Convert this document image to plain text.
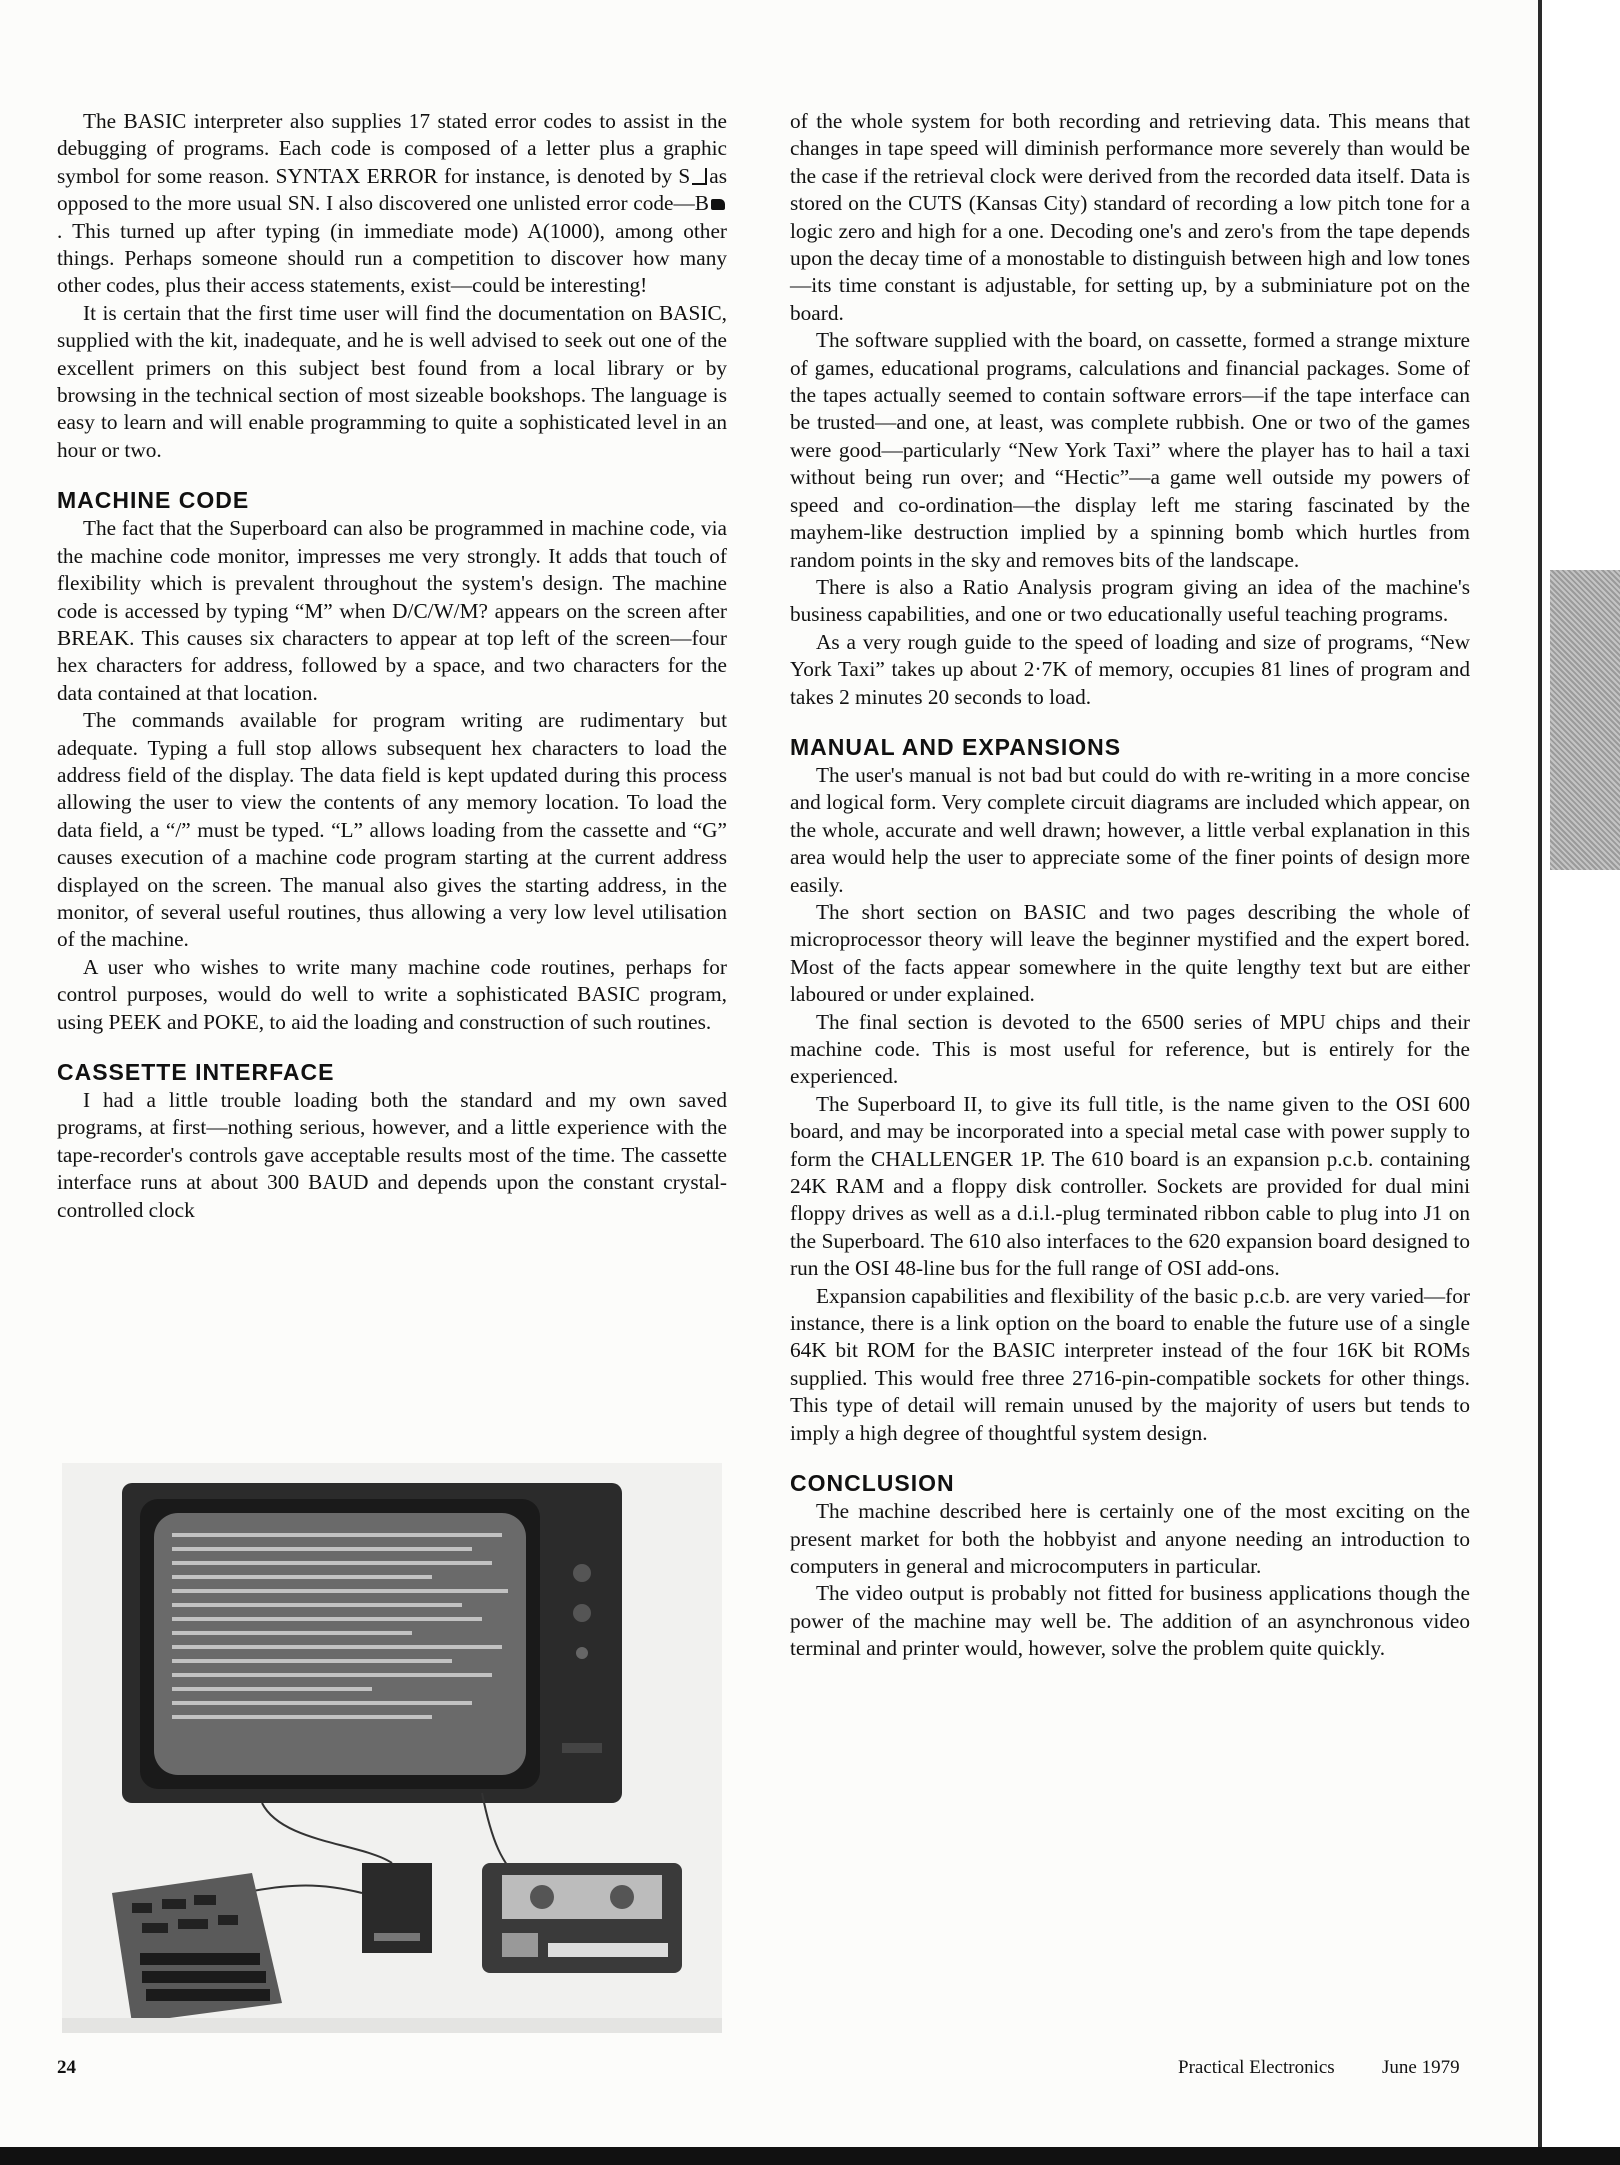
The BASIC interpreter also supplies 17 stated error codes to assist in the debugging of programs. Each code is composed of a letter plus a graphic symbol for some reason. SYNTAX ERROR for instance, is denoted by S as opposed to the more usual SN. I also discovered one unlisted error code—B. This turned up after typing (in immediate mode) A(1000), among other things. Perhaps someone should run a competition to discover how many other codes, plus their access statements, exist—could be interesting!

It is certain that the first time user will find the documentation on BASIC, supplied with the kit, inadequate, and he is well advised to seek out one of the excellent primers on this subject best found from a local library or by browsing in the technical section of most sizeable bookshops. The language is easy to learn and will enable programming to quite a sophisticated level in an hour or two.

MACHINE CODE

The fact that the Superboard can also be programmed in machine code, via the machine code monitor, impresses me very strongly. It adds that touch of flexibility which is prevalent throughout the system's design. The machine code is accessed by typing “M” when D/C/W/M? appears on the screen after BREAK. This causes six characters to appear at top left of the screen—four hex characters for address, followed by a space, and two characters for the data contained at that location.

The commands available for program writing are rudimentary but adequate. Typing a full stop allows subsequent hex characters to load the address field of the display. The data field is kept updated during this process allowing the user to view the contents of any memory location. To load the data field, a “/” must be typed. “L” allows loading from the cassette and “G” causes execution of a machine code program starting at the current address displayed on the screen. The manual also gives the starting address, in the monitor, of several useful routines, thus allowing a very low level utilisation of the machine.

A user who wishes to write many machine code routines, perhaps for control purposes, would do well to write a sophisticated BASIC program, using PEEK and POKE, to aid the loading and construction of such routines.

CASSETTE INTERFACE

I had a little trouble loading both the standard and my own saved programs, at first—nothing serious, however, and a little experience with the tape-recorder's controls gave acceptable results most of the time. The cassette interface runs at about 300 BAUD and depends upon the constant crystal-controlled clock

of the whole system for both recording and retrieving data. This means that changes in tape speed will diminish performance more severely than would be the case if the retrieval clock were derived from the recorded data itself. Data is stored on the CUTS (Kansas City) standard of recording a low pitch tone for a logic zero and high for a one. Decoding one's and zero's from the tape depends upon the decay time of a monostable to distinguish between high and low tones—its time constant is adjustable, for setting up, by a subminiature pot on the board.

The software supplied with the board, on cassette, formed a strange mixture of games, educational programs, calculations and financial packages. Some of the tapes actually seemed to contain software errors—if the tape interface can be trusted—and one, at least, was complete rubbish. One or two of the games were good—particularly “New York Taxi” where the player has to hail a taxi without being run over; and “Hectic”—a game well outside my powers of speed and co-ordination—the display left me staring fascinated by the mayhem-like destruction implied by a spinning bomb which hurtles from random points in the sky and removes bits of the landscape.

There is also a Ratio Analysis program giving an idea of the machine's business capabilities, and one or two educationally useful teaching programs.

As a very rough guide to the speed of loading and size of programs, “New York Taxi” takes up about 2·7K of memory, occupies 81 lines of program and takes 2 minutes 20 seconds to load.

MANUAL AND EXPANSIONS

The user's manual is not bad but could do with re-writing in a more concise and logical form. Very complete circuit diagrams are included which appear, on the whole, accurate and well drawn; however, a little verbal explanation in this area would help the user to appreciate some of the finer points of design more easily.

The short section on BASIC and two pages describing the whole of microprocessor theory will leave the beginner mystified and the expert bored. Most of the facts appear somewhere in the quite lengthy text but are either laboured or under explained.

The final section is devoted to the 6500 series of MPU chips and their machine code. This is most useful for reference, but is entirely for the experienced.

The Superboard II, to give its full title, is the name given to the OSI 600 board, and may be incorporated into a special metal case with power supply to form the CHALLENGER 1P. The 610 board is an expansion p.c.b. containing 24K RAM and a floppy disk controller. Sockets are provided for dual mini floppy drives as well as a d.i.l.-plug terminated ribbon cable to plug into J1 on the Superboard. The 610 also interfaces to the 620 expansion board designed to run the OSI 48-line bus for the full range of OSI add-ons.

Expansion capabilities and flexibility of the basic p.c.b. are very varied—for instance, there is a link option on the board to enable the future use of a single 64K bit ROM for the BASIC interpreter instead of the four 16K bit ROMs supplied. This would free three 2716-pin-compatible sockets for other things. This type of detail will remain unused by the majority of users but tends to imply a high degree of thoughtful system design.

CONCLUSION

The machine described here is certainly one of the most exciting on the present market for both the hobbyist and anyone needing an introduction to computers in general and microcomputers in particular.

The video output is probably not fitted for business applications though the power of the machine may well be. The addition of an asynchronous video terminal and printer would, however, solve the problem quite quickly.

24	Practical Electronics June 1979
